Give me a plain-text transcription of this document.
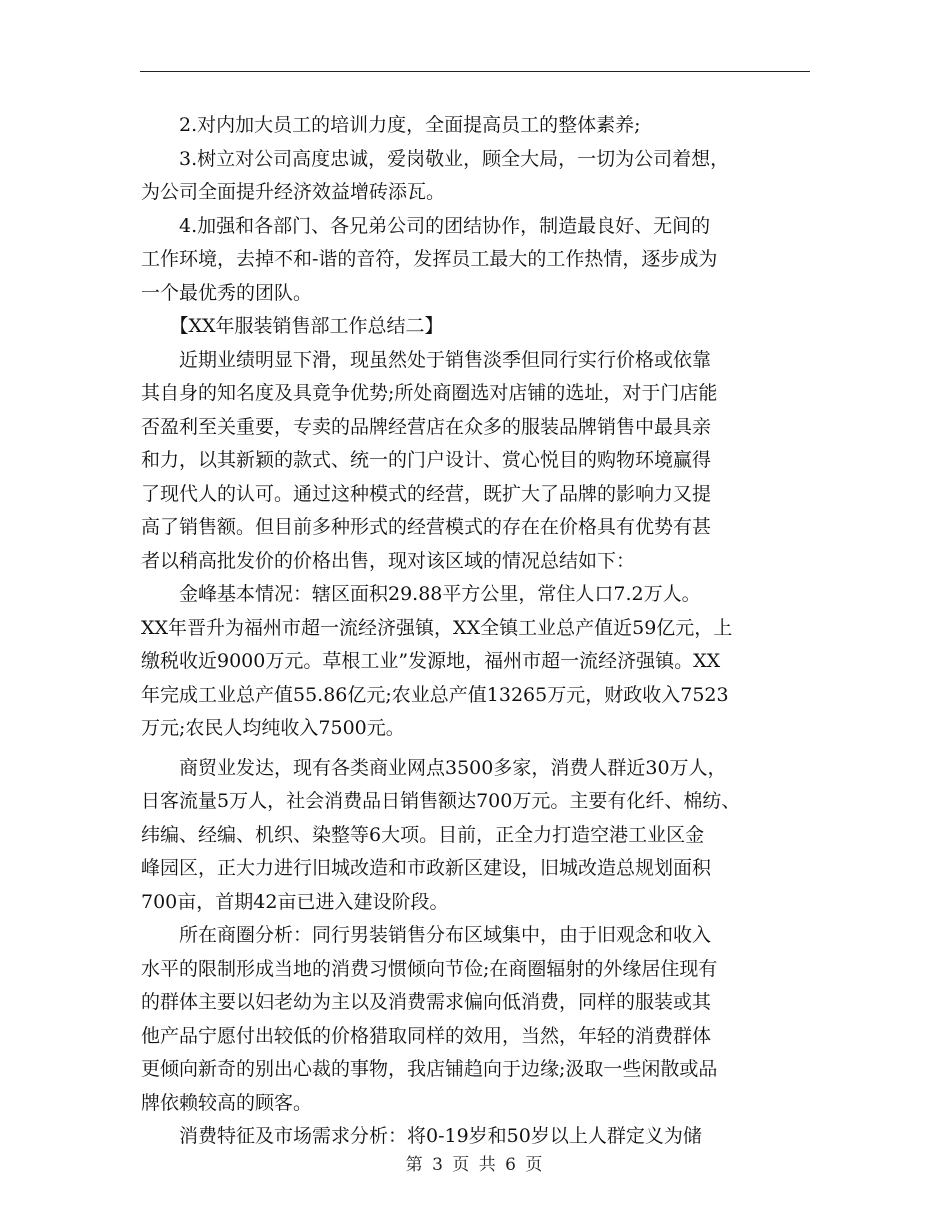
　　2.对内加大员工的培训力度，全面提高员工的整体素养;
　　3.树立对公司高度忠诚，爱岗敬业，顾全大局，一切为公司着想，
为公司全面提升经济效益增砖添瓦。
　　4.加强和各部门、各兄弟公司的团结协作，制造最良好、无间的
工作环境，去掉不和-谐的音符，发挥员工最大的工作热情，逐步成为
一个最优秀的团队。
　　【XX年服装销售部工作总结二】
　　近期业绩明显下滑，现虽然处于销售淡季但同行实行价格或依靠
其自身的知名度及具竟争优势;所处商圈选对店铺的选址，对于门店能
否盈利至关重要，专卖的品牌经营店在众多的服装品牌销售中最具亲
和力，以其新颖的款式、统一的门户设计、赏心悦目的购物环境赢得
了现代人的认可。通过这种模式的经营，既扩大了品牌的影响力又提
高了销售额。但目前多种形式的经营模式的存在在价格具有优势有甚
者以稍高批发价的价格出售，现对该区域的情况总结如下：
　　金峰基本情况：辖区面积29.88平方公里，常住人口7.2万人。
XX年晋升为福州市超一流经济强镇，XX全镇工业总产值近59亿元，上
缴税收近9000万元。草根工业”发源地，福州市超一流经济强镇。XX
年完成工业总产值55.86亿元;农业总产值13265万元，财政收入7523
万元;农民人均纯收入7500元。
　　商贸业发达，现有各类商业网点3500多家，消费人群近30万人，
日客流量5万人，社会消费品日销售额达700万元。主要有化纤、棉纺、
纬编、经编、机织、染整等6大项。目前，正全力打造空港工业区金
峰园区，正大力进行旧城改造和市政新区建设，旧城改造总规划面积
700亩，首期42亩已进入建设阶段。
　　所在商圈分析：同行男装销售分布区域集中，由于旧观念和收入
水平的限制形成当地的消费习惯倾向节俭;在商圈辐射的外缘居住现有
的群体主要以妇老幼为主以及消费需求偏向低消费，同样的服装或其
他产品宁愿付出较低的价格猎取同样的效用，当然，年轻的消费群体
更倾向新奇的别出心裁的事物，我店铺趋向于边缘;汲取一些闲散或品
牌依赖较高的顾客。
　　消费特征及市场需求分析：将0-19岁和50岁以上人群定义为储
第 3 页 共 6 页
